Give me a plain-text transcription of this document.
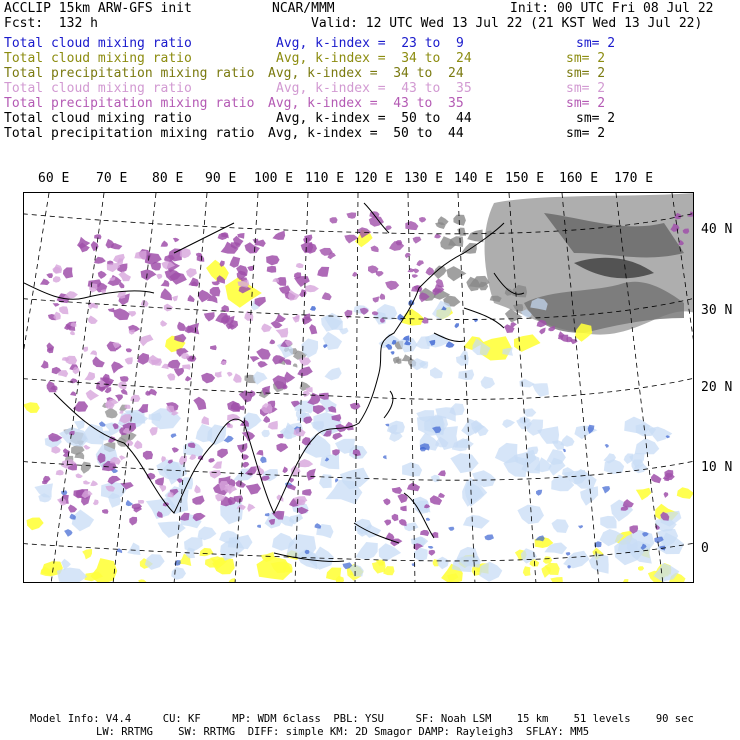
ACCLIP 15km ARW-GFS init	NCAR/MMM	Init: 00 UTC Fri 08 Jul 22
Fcst:  132 h	Valid: 12 UTC Wed 13 Jul 22 (21 KST Wed 13 Jul 22)
Total cloud mixing ratio	Avg, k-index =  23 to  9	sm= 2
Total cloud mixing ratio	Avg, k-index =  34 to  24	sm= 2
Total precipitation mixing ratio Avg, k-index =  34 to  24	sm= 2
Total cloud mixing ratio	Avg, k-index =  43 to  35	sm= 2
Total precipitation mixing ratio Avg, k-index =  43 to  35	sm= 2
Total cloud mixing ratio	Avg, k-index =  50 to  44	sm= 2
Total precipitation mixing ratio Avg, k-index =  50 to  44	sm= 2
60 E 70 E 80 E 90 E 100 E 110 E 120 E 130 E 140 E 150 E 160 E 170 E
40 N
30 N
20 N
10 N
0
Model Info: V4.4     CU: KF     MP: WDM 6class  PBL: YSU     SF: Noah LSM    15 km    51 levels    90 sec
LW: RRTMG    SW: RRTMG  DIFF: simple KM: 2D Smagor DAMP: Rayleigh3  SFLAY: MM5
